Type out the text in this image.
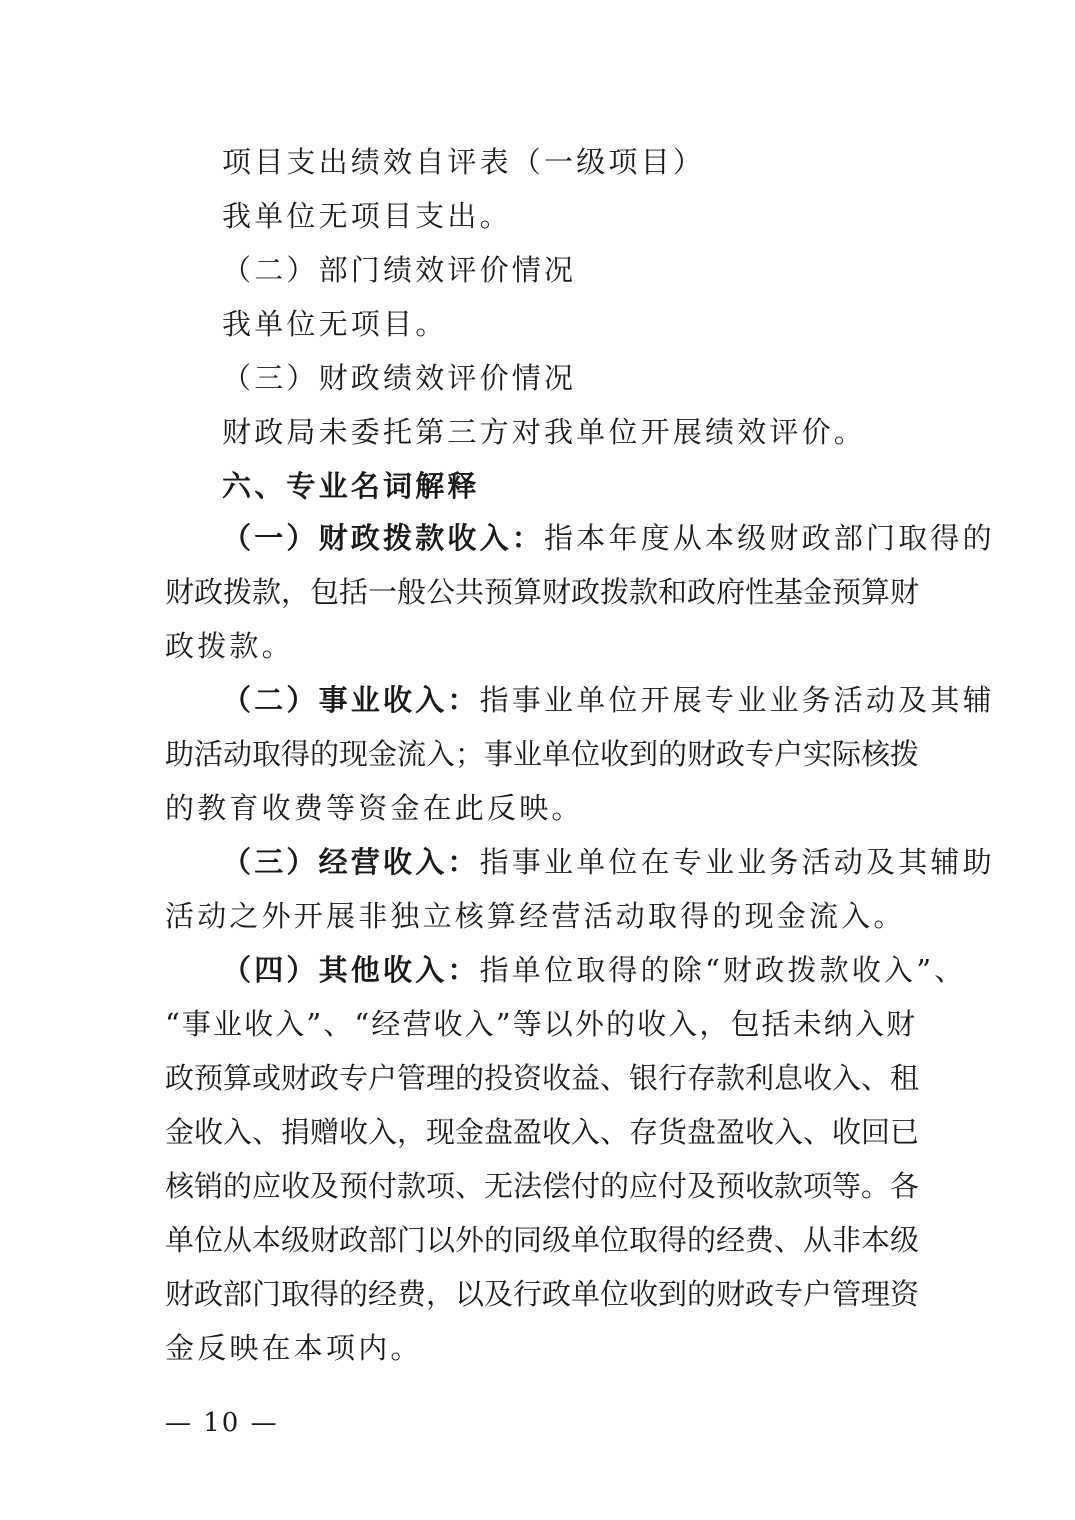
项目支出绩效自评表（一级项目）
我单位无项目支出。
（二）部门绩效评价情况
我单位无项目。
（三）财政绩效评价情况
财政局未委托第三方对我单位开展绩效评价。
六、专业名词解释
（一）财政拨款收入：指本年度从本级财政部门取得的
财政拨款，包括一般公共预算财政拨款和政府性基金预算财
政拨款。
（二）事业收入：指事业单位开展专业业务活动及其辅
助活动取得的现金流入；事业单位收到的财政专户实际核拨
的教育收费等资金在此反映。
（三）经营收入：指事业单位在专业业务活动及其辅助
活动之外开展非独立核算经营活动取得的现金流入。
（四）其他收入：指单位取得的除“财政拨款收入”、
“事业收入”、“经营收入”等以外的收入，包括未纳入财
政预算或财政专户管理的投资收益、银行存款利息收入、租
金收入、捐赠收入，现金盘盈收入、存货盘盈收入、收回已
核销的应收及预付款项、无法偿付的应付及预收款项等。各
单位从本级财政部门以外的同级单位取得的经费、从非本级
财政部门取得的经费，以及行政单位收到的财政专户管理资
金反映在本项内。
— 10 —
